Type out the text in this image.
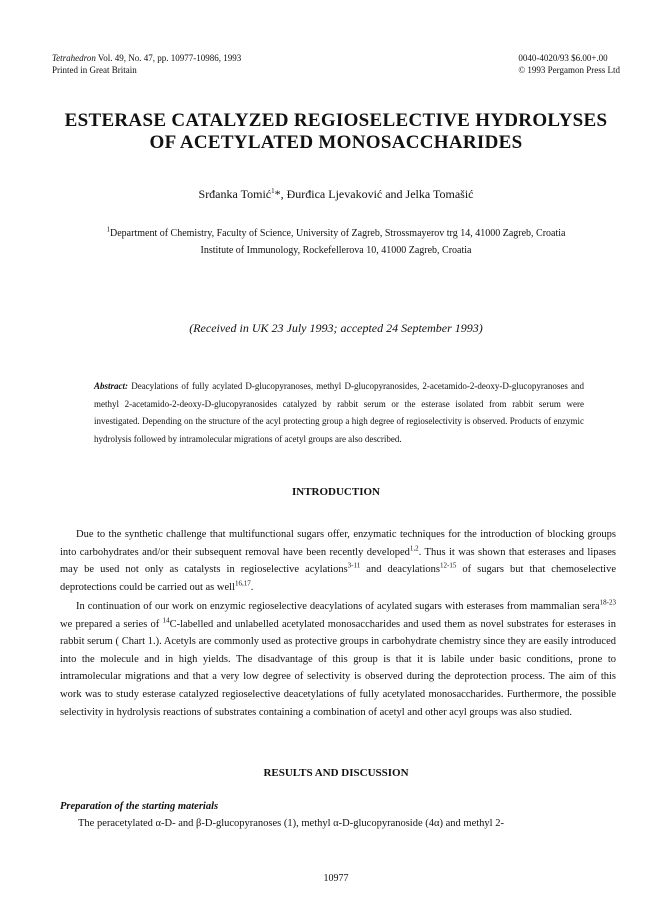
Tetrahedron Vol. 49, No. 47, pp. 10977-10986, 1993
Printed in Great Britain
0040-4020/93 $6.00+.00
© 1993 Pergamon Press Ltd
ESTERASE CATALYZED REGIOSELECTIVE HYDROLYSES
OF ACETYLATED MONOSACCHARIDES
Srđanka Tomić$^1$*, Đurđica Ljevaković and Jelka Tomašić
$^1$Department of Chemistry, Faculty of Science, University of Zagreb, Strossmayerov trg 14, 41000 Zagreb, Croatia
Institute of Immunology, Rockefellerova 10, 41000 Zagreb, Croatia
(Received in UK 23 July 1993; accepted 24 September 1993)
Abstract: Deacylations of fully acylated D-glucopyranoses, methyl D-glucopyranosides, 2-acetamido-2-deoxy-D-glucopyranoses and methyl 2-acetamido-2-deoxy-D-glucopyranosides catalyzed by rabbit serum or the esterase isolated from rabbit serum were investigated. Depending on the structure of the acyl protecting group a high degree of regioselectivity is observed. Products of enzymic hydrolysis followed by intramolecular migrations of acetyl groups are also described.
INTRODUCTION
Due to the synthetic challenge that multifunctional sugars offer, enzymatic techniques for the introduction of blocking groups into carbohydrates and/or their subsequent removal have been recently developed$^{1,2}$. Thus it was shown that esterases and lipases may be used not only as catalysts in regioselective acylations$^{3-11}$ and deacylations$^{12-15}$ of sugars but that chemoselective deprotections could be carried out as well$^{16,17}$.
In continuation of our work on enzymic regioselective deacylations of acylated sugars with esterases from mammalian sera$^{18-23}$ we prepared a series of $^{14}$C-labelled and unlabelled acetylated monosaccharides and used them as novel substrates for esterases in rabbit serum ( Chart 1.). Acetyls are commonly used as protective groups in carbohydrate chemistry since they are easily introduced into the molecule and in high yields. The disadvantage of this group is that it is labile under basic conditions, prone to intramolecular migrations and that a very low degree of selectivity is observed during the deprotection process. The aim of this work was to study esterase catalyzed regioselective deacetylations of fully acetylated monosaccharides. Furthermore, the possible selectivity in hydrolysis reactions of substrates containing a combination of acetyl and other acyl groups was also studied.
RESULTS AND DISCUSSION
Preparation of the starting materials
The peracetylated α-D- and β-D-glucopyranoses (1), methyl α-D-glucopyranoside (4α) and methyl 2-
10977
